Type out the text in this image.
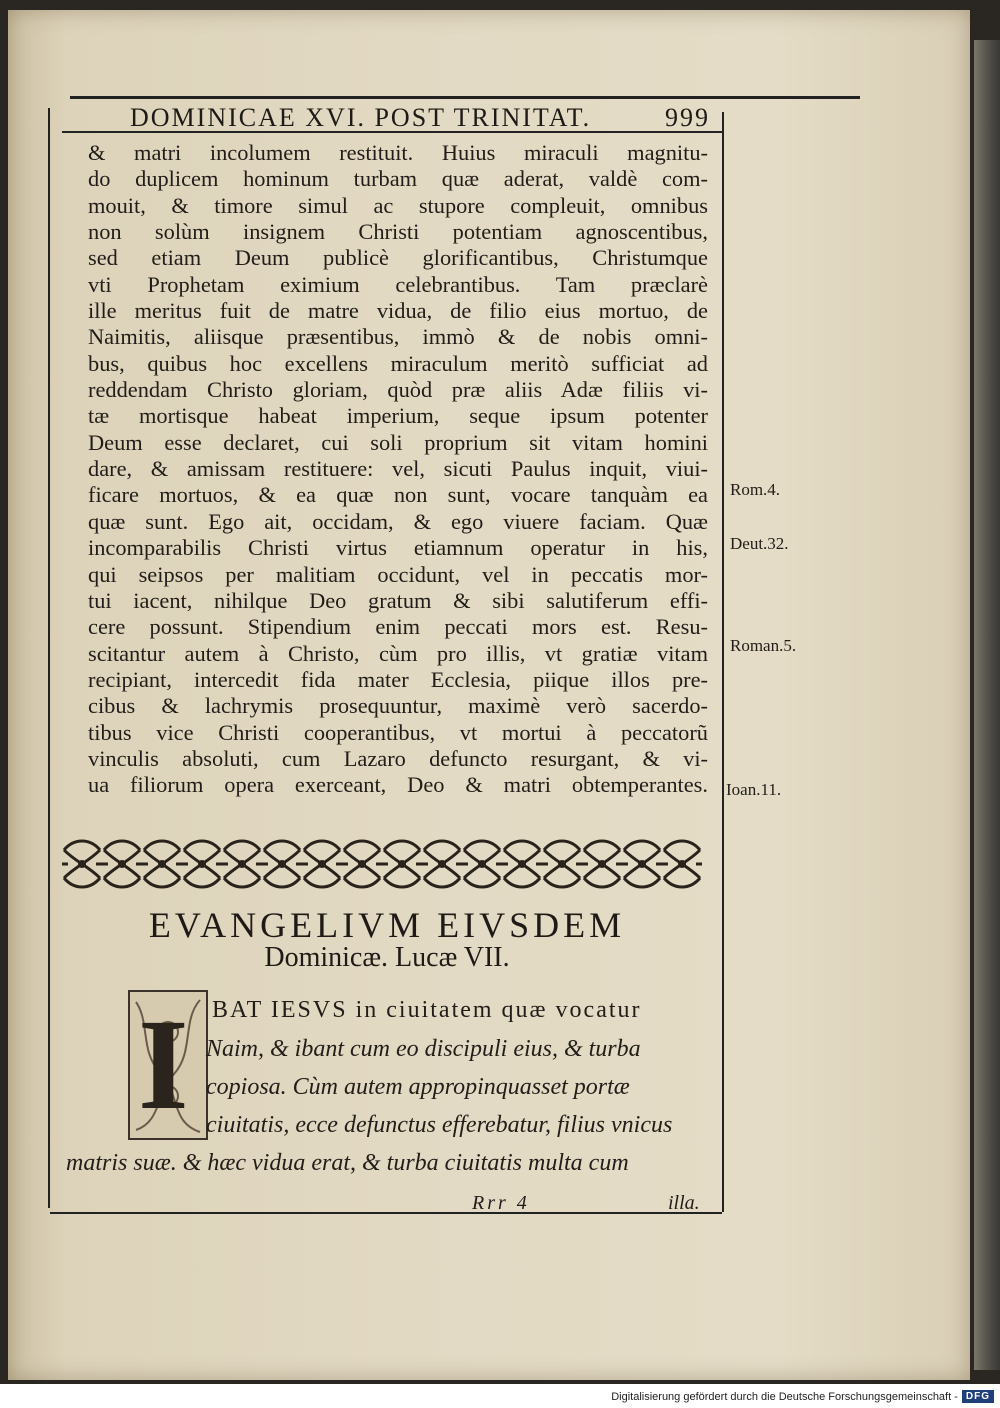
DOMINICAE XVI. POST TRINITAT.	999

& matri incolumem restituit. Huius miraculi magnitu-

do duplicem hominum turbam quæ aderat, valdè com-

mouit, & timore simul ac stupore compleuit, omnibus

non solùm insignem Christi potentiam agnoscentibus,

sed etiam Deum publicè glorificantibus, Christumque

vti Prophetam eximium celebrantibus. Tam præclarè

ille meritus fuit de matre vidua, de filio eius mortuo, de

Naimitis, aliisque præsentibus, immò & de nobis omni-

bus, quibus hoc excellens miraculum meritò sufficiat ad

reddendam Christo gloriam, quòd præ aliis Adæ filiis vi-

tæ mortisque habeat imperium, seque ipsum potenter

Deum esse declaret, cui soli proprium sit vitam homini

dare, & amissam restituere: vel, sicuti Paulus inquit, viui-

ficare mortuos, & ea quæ non sunt, vocare tanquàm ea

quæ sunt. Ego ait, occidam, & ego viuere faciam. Quæ

incomparabilis Christi virtus etiamnum operatur in his,

qui seipsos per malitiam occidunt, vel in peccatis mor-

tui iacent, nihilque Deo gratum & sibi salutiferum effi-

cere possunt. Stipendium enim peccati mors est. Resu-

scitantur autem à Christo, cùm pro illis, vt gratiæ vitam

recipiant, intercedit fida mater Ecclesia, piique illos pre-

cibus & lachrymis prosequuntur, maximè verò sacerdo-

tibus vice Christi cooperantibus, vt mortui à peccatorũ

vinculis absoluti, cum Lazaro defuncto resurgant, & vi-

ua filiorum opera exerceant, Deo & matri obtemperantes.

Rom.4.
Deut.32.
Roman.5.
Ioan.11.
EVANGELIVM EIVSDEM
Dominicæ. Lucæ VII.
I BAT IESVS in ciuitatem quæ vocatur
Naim, & ibant cum eo discipuli eius, & turba
copiosa. Cùm autem appropinquasset portæ
ciuitatis, ecce defunctus efferebatur, filius vnicus
matris suæ. & hæc vidua erat, & turba ciuitatis multa cum
Rrr 4	illa.
Digitalisierung gefördert durch die Deutsche Forschungsgemeinschaft - DFG
